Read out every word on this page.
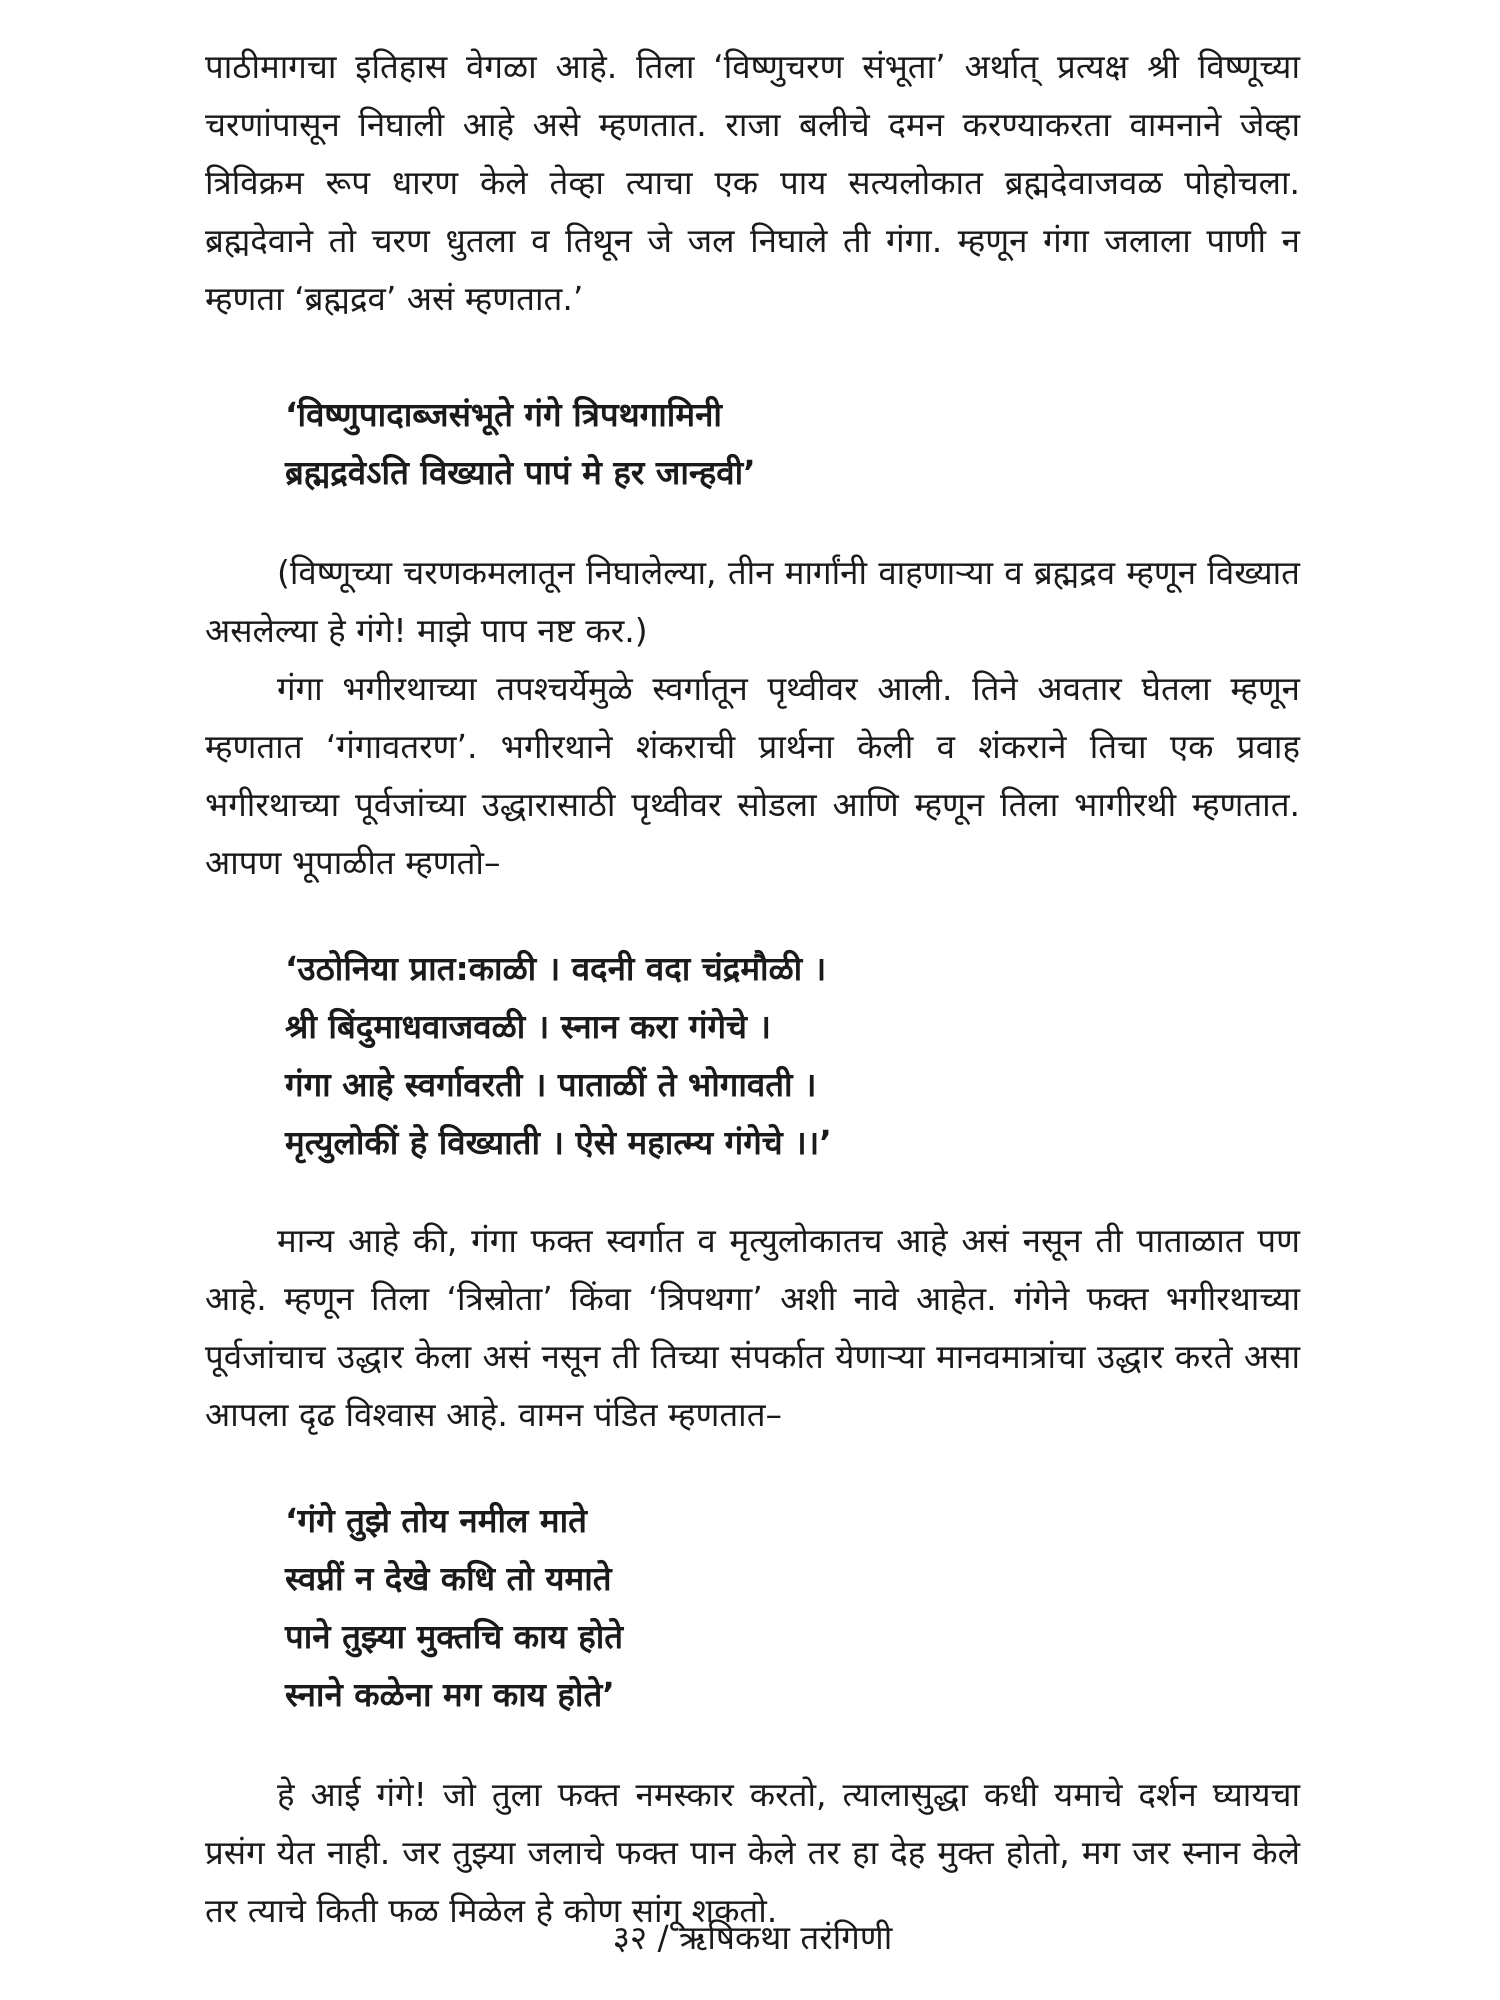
पाठीमागचा इतिहास वेगळा आहे. तिला ‘विष्णुचरण संभूता’ अर्थात् प्रत्यक्ष श्री विष्णूच्या चरणांपासून निघाली आहे असे म्हणतात. राजा बलीचे दमन करण्याकरता वामनाने जेव्हा त्रिविक्रम रूप धारण केले तेव्हा त्याचा एक पाय सत्यलोकात ब्रह्मदेवाजवळ पोहोचला. ब्रह्मदेवाने तो चरण धुतला व तिथून जे जल निघाले ती गंगा. म्हणून गंगा जलाला पाणी न म्हणता ‘ब्रह्मद्रव’ असं म्हणतात.’

‘विष्णुपादाब्जसंभूते गंगे त्रिपथगामिनी
ब्रह्मद्रवेऽति विख्याते पापं मे हर जान्हवी’

(विष्णूच्या चरणकमलातून निघालेल्या, तीन मार्गांनी वाहणाऱ्या व ब्रह्मद्रव म्हणून विख्यात असलेल्या हे गंगे! माझे पाप नष्ट कर.)

गंगा भगीरथाच्या तपश्चर्येमुळे स्वर्गातून पृथ्वीवर आली. तिने अवतार घेतला म्हणून म्हणतात ‘गंगावतरण’. भगीरथाने शंकराची प्रार्थना केली व शंकराने तिचा एक प्रवाह भगीरथाच्या पूर्वजांच्या उद्धारासाठी पृथ्वीवर सोडला आणि म्हणून तिला भागीरथी म्हणतात. आपण भूपाळीत म्हणतो–

‘उठोनिया प्रात:काळी । वदनी वदा चंद्रमौळी ।
श्री बिंदुमाधवाजवळी । स्नान करा गंगेचे ।
गंगा आहे स्वर्गावरती । पाताळीं ते भोगावती ।
मृत्युलोकीं हे विख्याती । ऐसे महात्म्य गंगेचे ।।’

मान्य आहे की, गंगा फक्त स्वर्गात व मृत्युलोकातच आहे असं नसून ती पाताळात पण आहे. म्हणून तिला ‘त्रिस्रोता’ किंवा ‘त्रिपथगा’ अशी नावे आहेत. गंगेने फक्त भगीरथाच्या पूर्वजांचाच उद्धार केला असं नसून ती तिच्या संपर्कात येणाऱ्या मानवमात्रांचा उद्धार करते असा आपला दृढ विश्वास आहे. वामन पंडित म्हणतात–

‘गंगे तुझे तोय नमील माते
स्वप्नीं न देखे कधि तो यमाते
पाने तुझ्या मुक्तचि काय होते
स्नाने कळेना मग काय होते’

हे आई गंगे! जो तुला फक्त नमस्कार करतो, त्यालासुद्धा कधी यमाचे दर्शन घ्यायचा प्रसंग येत नाही. जर तुझ्या जलाचे फक्त पान केले तर हा देह मुक्त होतो, मग जर स्नान केले तर त्याचे किती फळ मिळेल हे कोण सांगू शकतो.

३२ / ऋषिकथा तरंगिणी
